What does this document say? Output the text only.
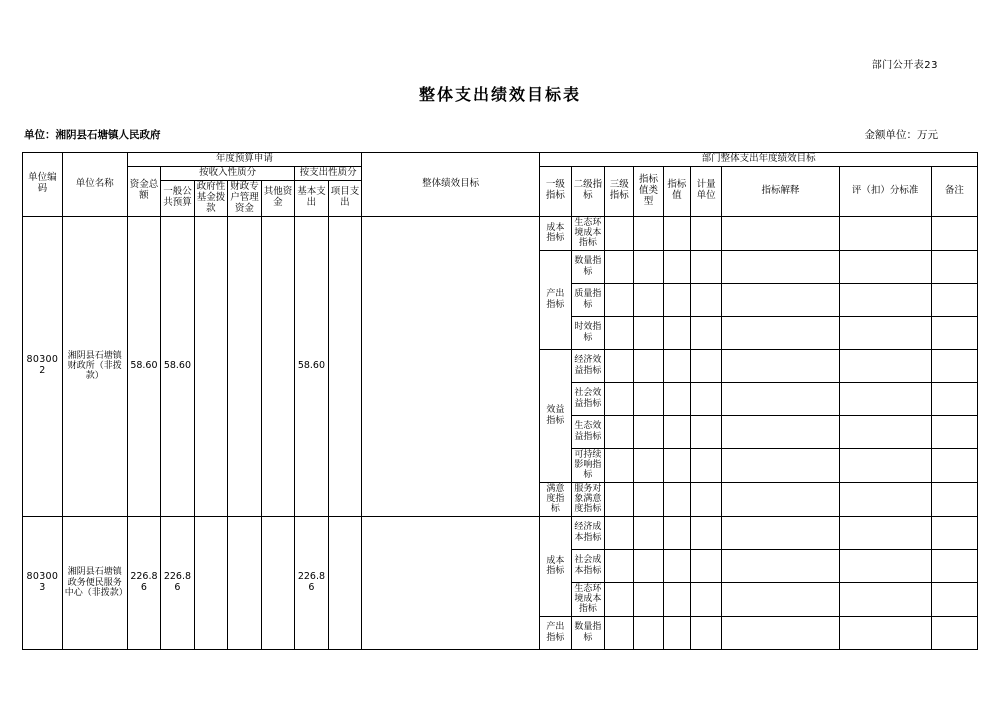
部门公开表23
整体支出绩效目标表
单位：湘阴县石塘镇人民政府	金额单位：万元
单位编码	单位名称	年度预算申请							整体绩效目标	部门整体支出年度绩效目标								
		资金总额	按收入性质分				按支出性质分			一级指标	二级指标	三级指标	指标值类型	指标值	计量单位	指标解释	评（扣）分标准	备注
			一般公共预算	政府性基金拨款	财政专户管理资金	其他资金	基本支出	项目支出										

803002	湘阴县石塘镇财政所（非拨款）	58.60	58.60				58.60			成本指标	生态环境成本指标							
										产出指标	数量指标							
											质量指标							
											时效指标							
										效益指标	经济效益指标							
											社会效益指标							
											生态效益指标							
											可持续影响指标							
										满意度指标	服务对象满意度指标							
803003	湘阴县石塘镇政务便民服务中心（非拨款）	226.86	226.86				226.86			成本指标	经济成本指标							
											社会成本指标							
											生态环境成本指标							
										产出指标	数量指标							
